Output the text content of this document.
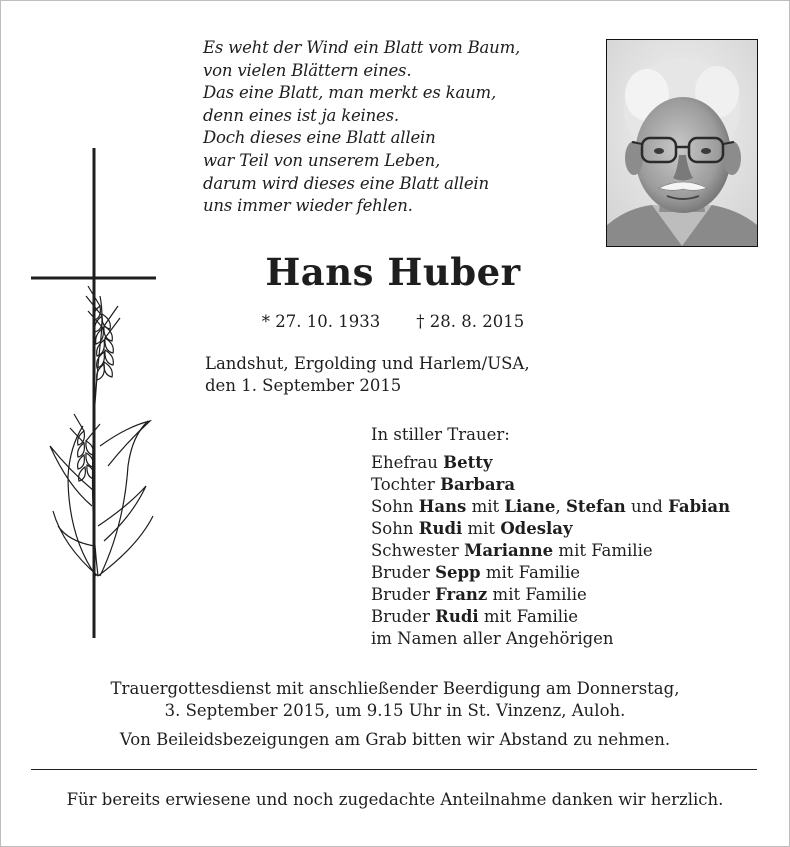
Es weht der Wind ein Blatt vom Baum,
von vielen Blättern eines.
Das eine Blatt, man merkt es kaum,
denn eines ist ja keines.
Doch dieses eine Blatt allein
war Teil von unserem Leben,
darum wird dieses eine Blatt allein
uns immer wieder fehlen.
Hans Huber
* 27. 10. 1933 † 28. 8. 2015
Landshut, Ergolding und Harlem/USA,
den 1. September 2015
In stiller Trauer:
Ehefrau Betty
Tochter Barbara
Sohn Hans mit Liane, Stefan und Fabian
Sohn Rudi mit Odeslay
Schwester Marianne mit Familie
Bruder Sepp mit Familie
Bruder Franz mit Familie
Bruder Rudi mit Familie
im Namen aller Angehörigen
Trauergottesdienst mit anschließender Beerdigung am Donnerstag,
3. September 2015, um 9.15 Uhr in St. Vinzenz, Auloh.
Von Beileidsbezeigungen am Grab bitten wir Abstand zu nehmen.
Für bereits erwiesene und noch zugedachte Anteilnahme danken wir herzlich.
